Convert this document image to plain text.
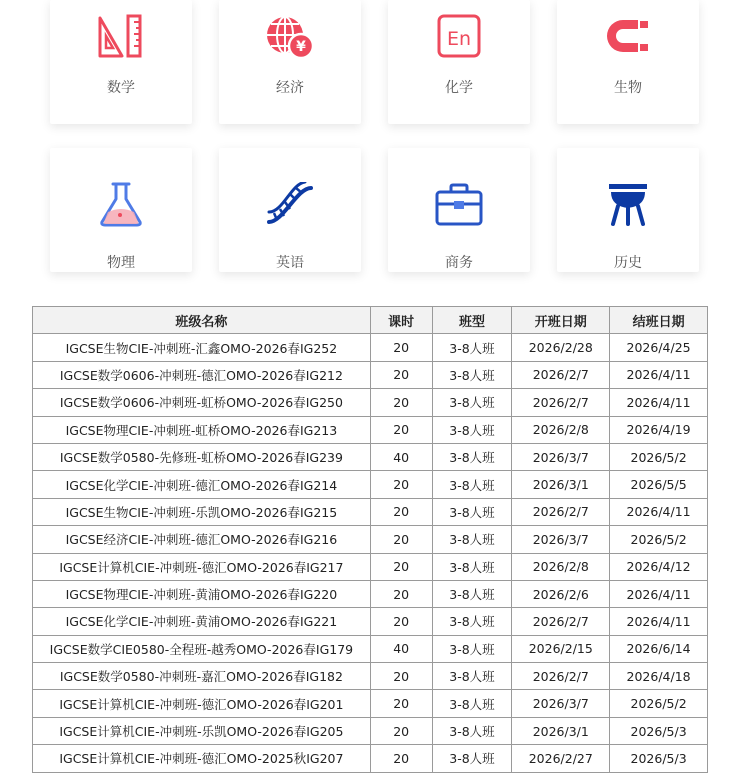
数学
¥
经济
En
化学	生物
物理	英语	商务	历史
班级名称	课时	班型	开班日期	结班日期
IGCSE生物CIE-冲刺班-汇鑫OMO-2026春IG252	20	3-8人班	2026/2/28	2026/4/25
IGCSE数学0606-冲刺班-德汇OMO-2026春IG212	20	3-8人班	2026/2/7	2026/4/11
IGCSE数学0606-冲刺班-虹桥OMO-2026春IG250	20	3-8人班	2026/2/7	2026/4/11
IGCSE物理CIE-冲刺班-虹桥OMO-2026春IG213	20	3-8人班	2026/2/8	2026/4/19
IGCSE数学0580-先修班-虹桥OMO-2026春IG239	40	3-8人班	2026/3/7	2026/5/2
IGCSE化学CIE-冲刺班-德汇OMO-2026春IG214	20	3-8人班	2026/3/1	2026/5/5
IGCSE生物CIE-冲刺班-乐凯OMO-2026春IG215	20	3-8人班	2026/2/7	2026/4/11
IGCSE经济CIE-冲刺班-德汇OMO-2026春IG216	20	3-8人班	2026/3/7	2026/5/2
IGCSE计算机CIE-冲刺班-德汇OMO-2026春IG217	20	3-8人班	2026/2/8	2026/4/12
IGCSE物理CIE-冲刺班-黄浦OMO-2026春IG220	20	3-8人班	2026/2/6	2026/4/11
IGCSE化学CIE-冲刺班-黄浦OMO-2026春IG221	20	3-8人班	2026/2/7	2026/4/11
IGCSE数学CIE0580-全程班-越秀OMO-2026春IG179	40	3-8人班	2026/2/15	2026/6/14
IGCSE数学0580-冲刺班-嘉汇OMO-2026春IG182	20	3-8人班	2026/2/7	2026/4/18
IGCSE计算机CIE-冲刺班-德汇OMO-2026春IG201	20	3-8人班	2026/3/7	2026/5/2
IGCSE计算机CIE-冲刺班-乐凯OMO-2026春IG205	20	3-8人班	2026/3/1	2026/5/3
IGCSE计算机CIE-冲刺班-德汇OMO-2025秋IG207	20	3-8人班	2026/2/27	2026/5/3
